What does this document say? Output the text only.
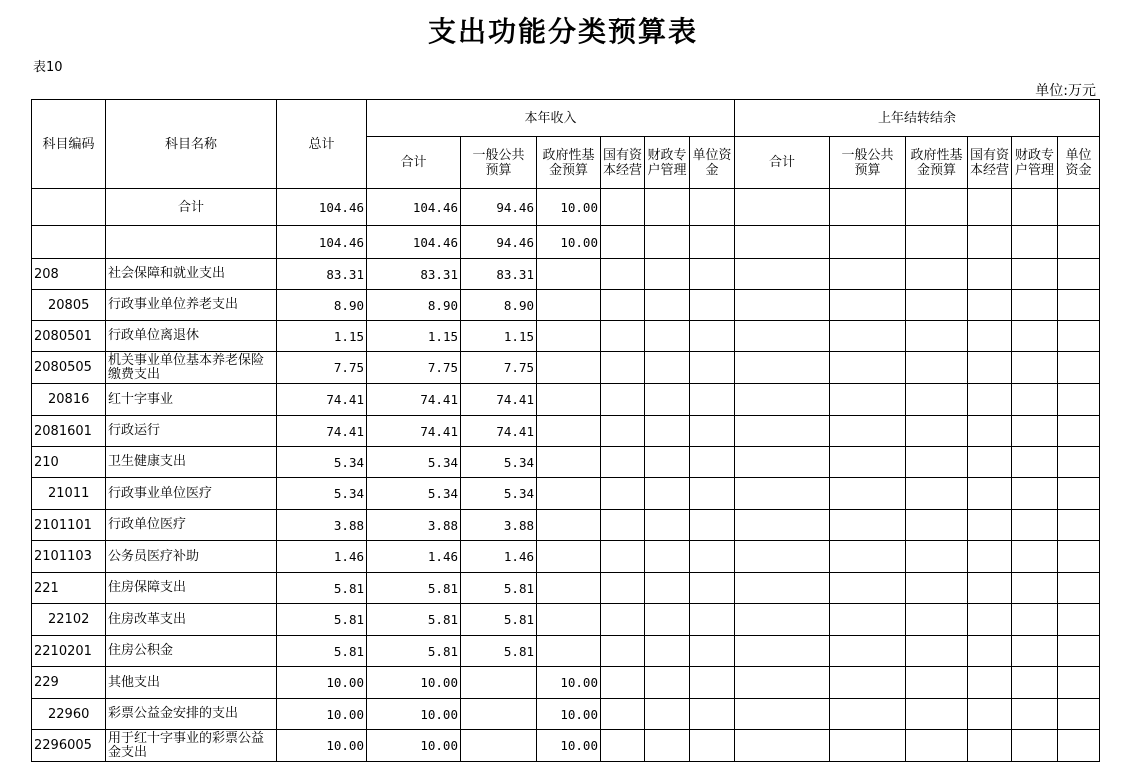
支出功能分类预算表
表10
单位:万元
科目编码	科目名称	总计	本年收入						上年结转结余					
			合计	一般公共预算	政府性基金预算	国有资本经营	财政专户管理	单位资金	合计	一般公共预算	政府性基金预算	国有资本经营	财政专户管理	单位资金
	合计	104.46	104.46	94.46	10.00									
		104.46	104.46	94.46	10.00									
208	社会保障和就业支出	83.31	83.31	83.31										
20805	行政事业单位养老支出	8.90	8.90	8.90										
2080501	行政单位离退休	1.15	1.15	1.15										
2080505	机关事业单位基本养老保险缴费支出	7.75	7.75	7.75										
20816	红十字事业	74.41	74.41	74.41										
2081601	行政运行	74.41	74.41	74.41										
210	卫生健康支出	5.34	5.34	5.34										
21011	行政事业单位医疗	5.34	5.34	5.34										
2101101	行政单位医疗	3.88	3.88	3.88										
2101103	公务员医疗补助	1.46	1.46	1.46										
221	住房保障支出	5.81	5.81	5.81										
22102	住房改革支出	5.81	5.81	5.81										
2210201	住房公积金	5.81	5.81	5.81										
229	其他支出	10.00	10.00		10.00									
22960	彩票公益金安排的支出	10.00	10.00		10.00									
2296005	用于红十字事业的彩票公益金支出	10.00	10.00		10.00									
